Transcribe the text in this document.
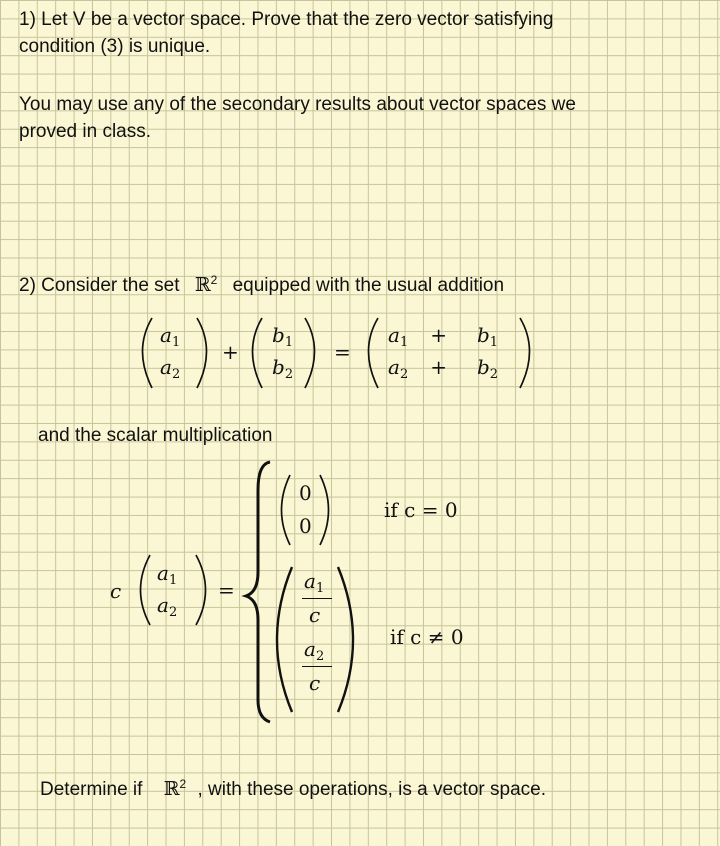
1) Let V be a vector space. Prove that the zero vector satisfying
condition (3) is unique.
You may use any of the secondary results about vector spaces we
proved in class.
2) Consider the set ℝ$^2$ equipped with the usual addition
$a_1$
$a_2$
+
$b_1$
$b_2$
=
$a_1 + b_1$
$a_2 + b_2$
and the scalar multiplication
c
$a_1$
$a_2$
=
0
0
if c = 0
$a_1$
c
$a_2$
c
if c ≠ 0
Determine if ℝ$^2$ , with these operations, is a vector space.
